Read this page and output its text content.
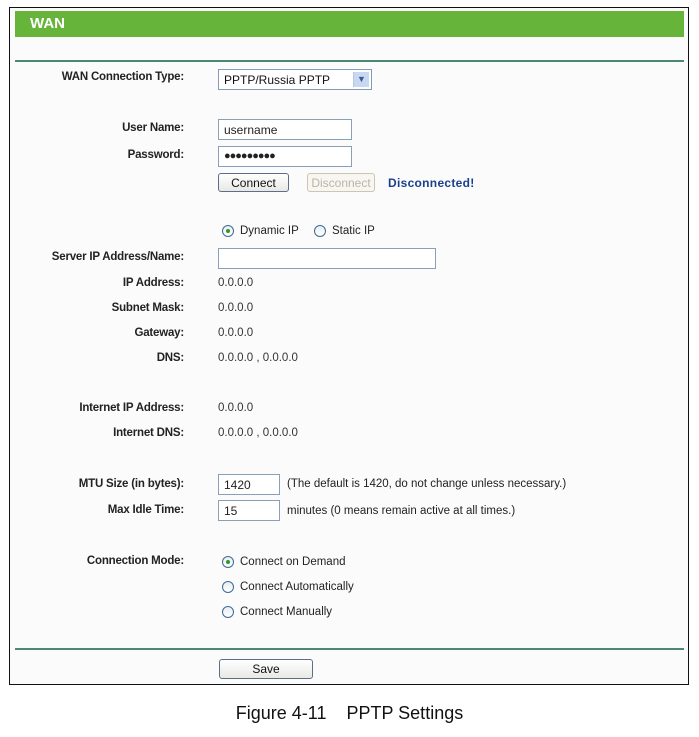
WAN
WAN Connection Type:	PPTP/Russia PPTP	▼
User Name:
username
Password:	●●●●●●●●●
Connect	Disconnect	Disconnected!
Dynamic IP	Static IP
Server IP Address/Name:
IP Address:	0.0.0.0
Subnet Mask:	0.0.0.0
Gateway:	0.0.0.0
DNS:	0.0.0.0 , 0.0.0.0
Internet IP Address:	0.0.0.0
Internet DNS:	0.0.0.0 , 0.0.0.0
MTU Size (in bytes):
1420	(The default is 1420, do not change unless necessary.)
Max Idle Time:
15	minutes (0 means remain active at all times.)
Connection Mode:	Connect on Demand
Connect Automatically
Connect Manually
Save
Figure 4-11    PPTP Settings
